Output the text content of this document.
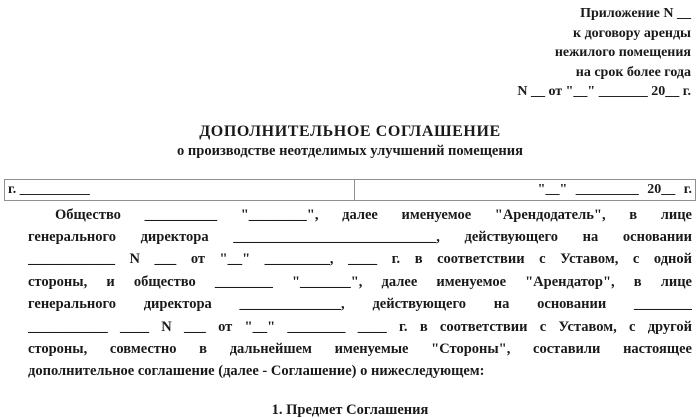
Приложение N __
к договору аренды
нежилого помещения
на срок более года
N __ от "__" _______ 20__ г.
ДОПОЛНИТЕЛЬНОЕ СОГЛАШЕНИЕ
о производстве неотделимых улучшений помещения
г. __________	"__" _________ 20__ г.
Общество __________ "________", далее именуемое "Арендодатель", в лице
генерального директора ____________________________, действующего на основании
____________ N ___ от "__" _________, ____ г. в соответствии с Уставом, с одной
стороны, и общество ________ "_______", далее именуемое "Арендатор", в лице
генерального директора ______________, действующего на основании ________
___________ ____ N ___ от "__" ________ ____ г. в соответствии с Уставом, с другой
стороны, совместно в дальнейшем именуемые "Стороны", составили настоящее
дополнительное соглашение (далее - Соглашение) о нижеследующем:
1. Предмет Соглашения
